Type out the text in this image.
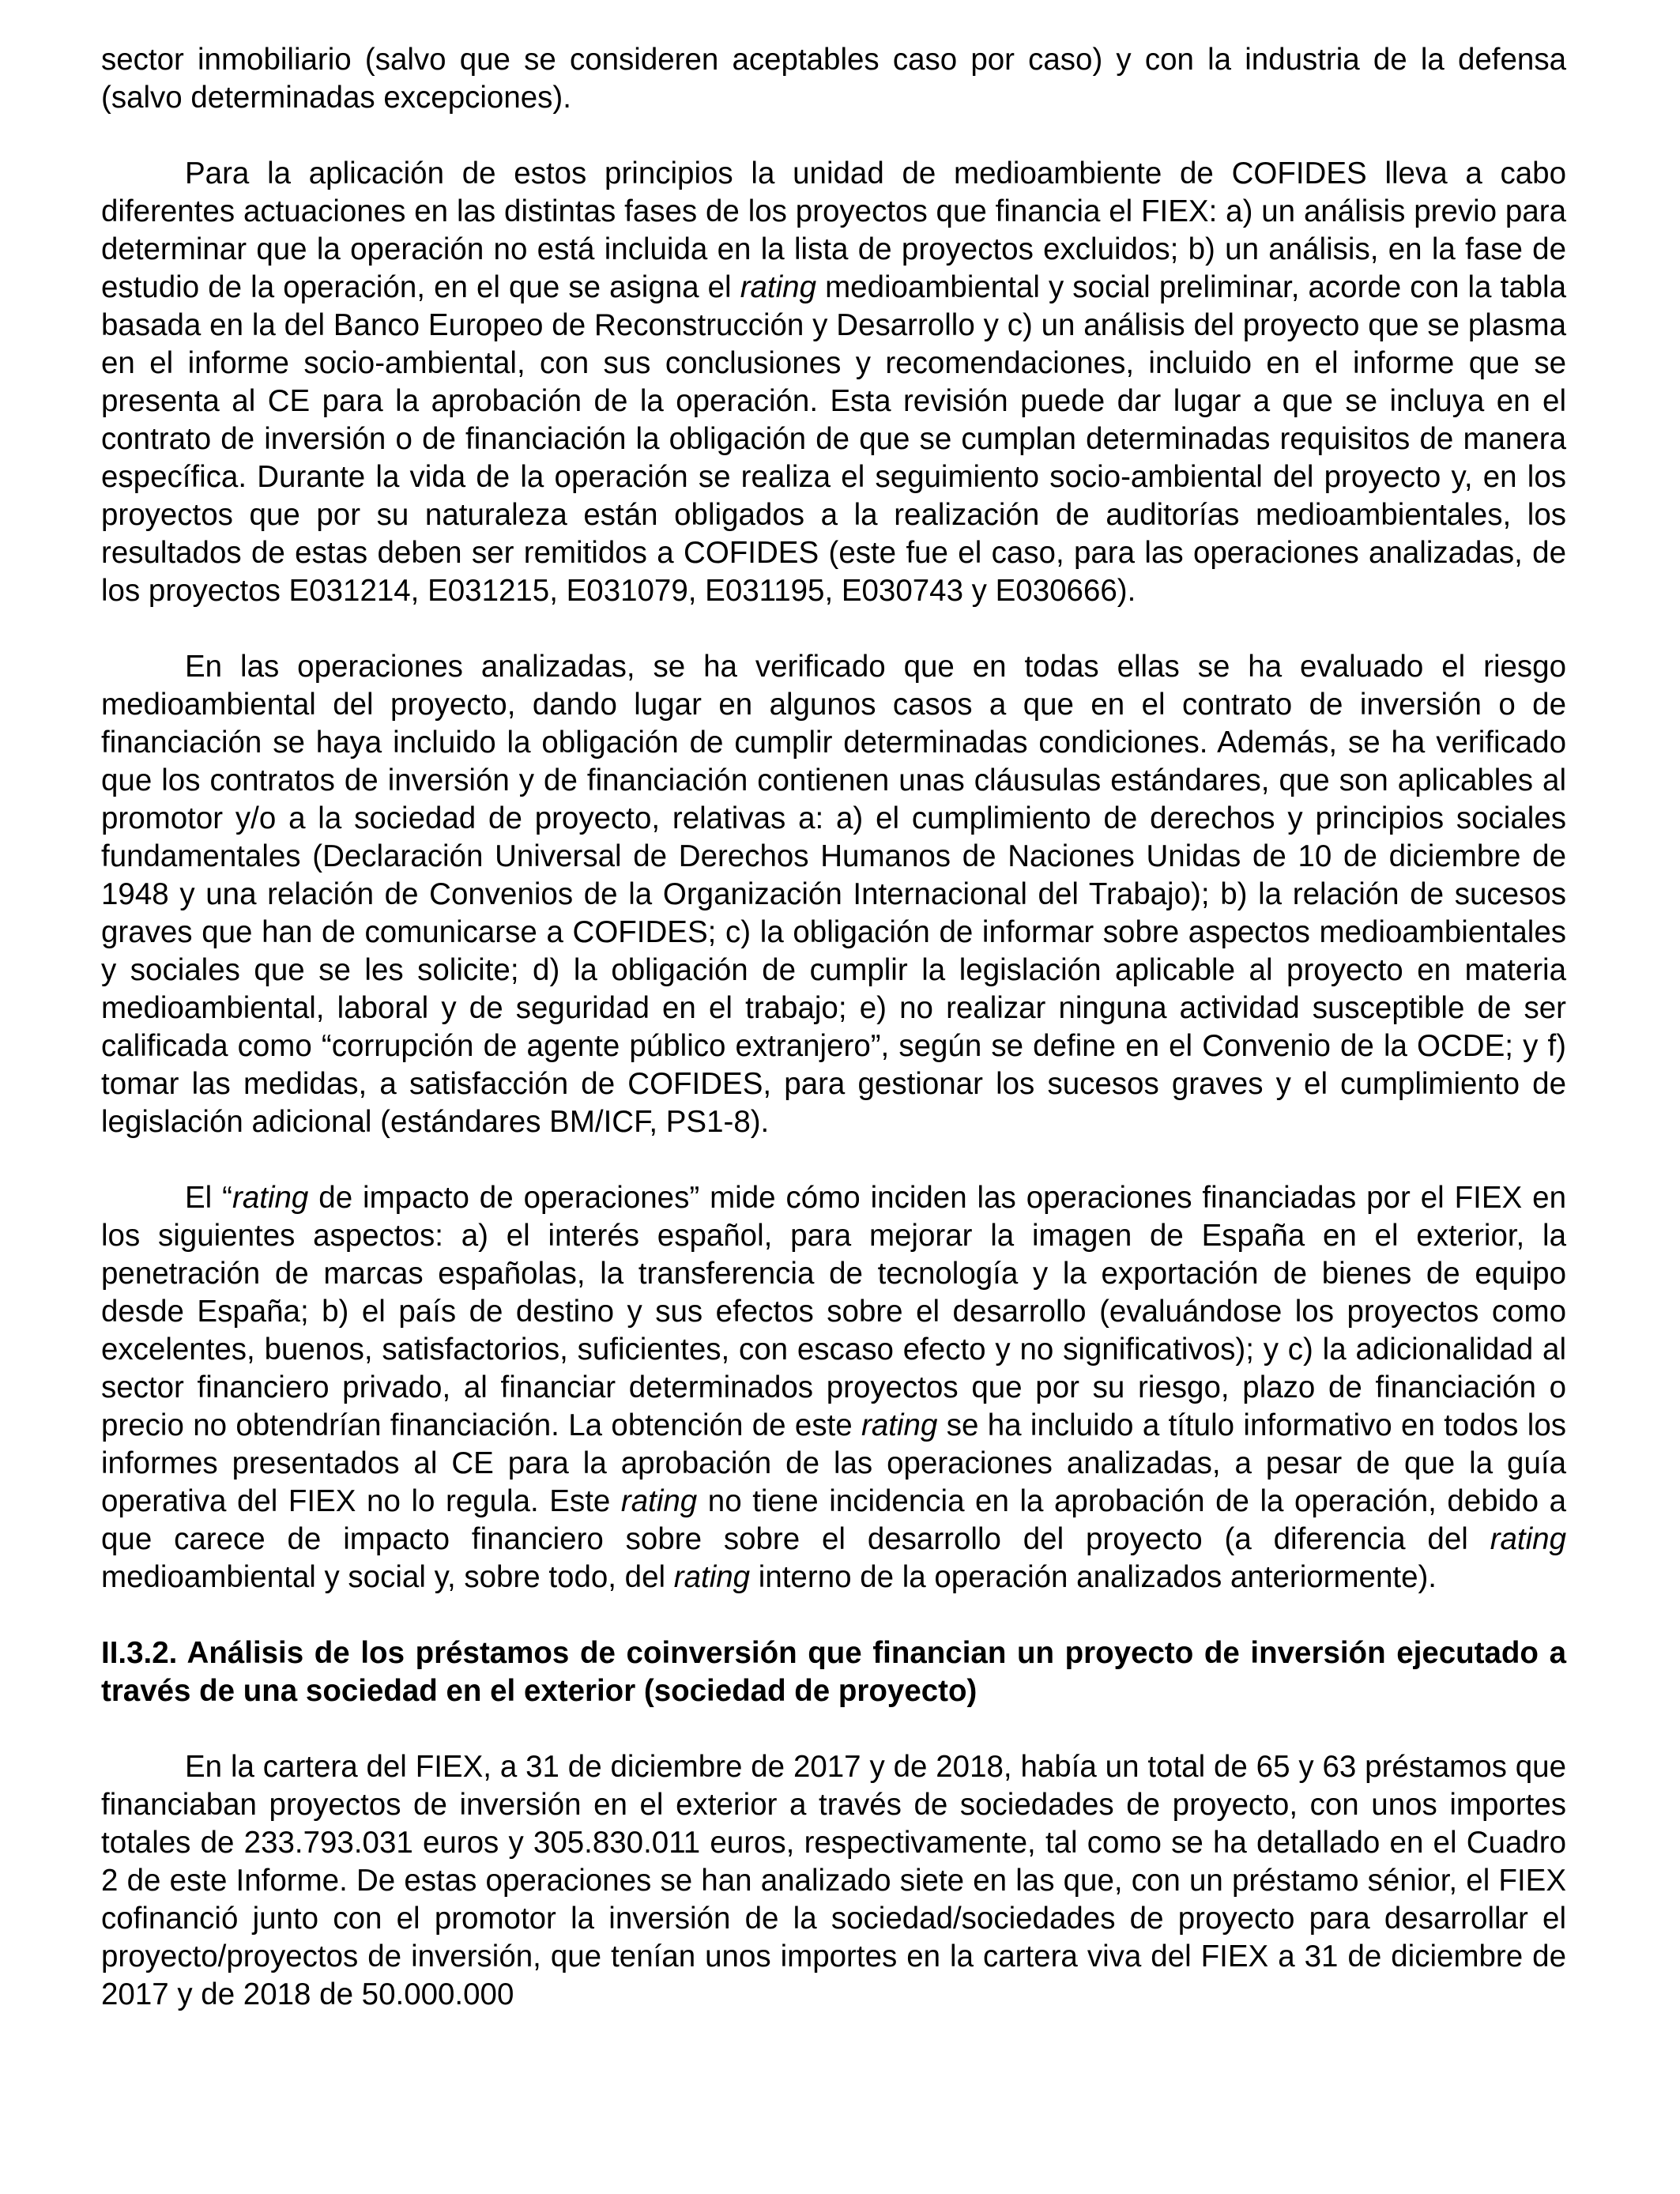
sector inmobiliario (salvo que se consideren aceptables caso por caso) y con la industria de la defensa (salvo determinadas excepciones).

Para la aplicación de estos principios la unidad de medioambiente de COFIDES lleva a cabo diferentes actuaciones en las distintas fases de los proyectos que financia el FIEX: a) un análisis previo para determinar que la operación no está incluida en la lista de proyectos excluidos; b) un análisis, en la fase de estudio de la operación, en el que se asigna el rating medioambiental y social preliminar, acorde con la tabla basada en la del Banco Europeo de Reconstrucción y Desarrollo y c) un análisis del proyecto que se plasma en el informe socio-ambiental, con sus conclusiones y recomendaciones, incluido en el informe que se presenta al CE para la aprobación de la operación. Esta revisión puede dar lugar a que se incluya en el contrato de inversión o de financiación la obligación de que se cumplan determinadas requisitos de manera específica. Durante la vida de la operación se realiza el seguimiento socio-ambiental del proyecto y, en los proyectos que por su naturaleza están obligados a la realización de auditorías medioambientales, los resultados de estas deben ser remitidos a COFIDES (este fue el caso, para las operaciones analizadas, de los proyectos E031214, E031215, E031079, E031195, E030743 y E030666).

En las operaciones analizadas, se ha verificado que en todas ellas se ha evaluado el riesgo medioambiental del proyecto, dando lugar en algunos casos a que en el contrato de inversión o de financiación se haya incluido la obligación de cumplir determinadas condiciones. Además, se ha verificado que los contratos de inversión y de financiación contienen unas cláusulas estándares, que son aplicables al promotor y/o a la sociedad de proyecto, relativas a: a) el cumplimiento de derechos y principios sociales fundamentales (Declaración Universal de Derechos Humanos de Naciones Unidas de 10 de diciembre de 1948 y una relación de Convenios de la Organización Internacional del Trabajo); b) la relación de sucesos graves que han de comunicarse a COFIDES; c) la obligación de informar sobre aspectos medioambientales y sociales que se les solicite; d) la obligación de cumplir la legislación aplicable al proyecto en materia medioambiental, laboral y de seguridad en el trabajo; e) no realizar ninguna actividad susceptible de ser calificada como “corrupción de agente público extranjero”, según se define en el Convenio de la OCDE; y f) tomar las medidas, a satisfacción de COFIDES, para gestionar los sucesos graves y el cumplimiento de legislación adicional (estándares BM/ICF, PS1-8).

El “rating de impacto de operaciones” mide cómo inciden las operaciones financiadas por el FIEX en los siguientes aspectos: a) el interés español, para mejorar la imagen de España en el exterior, la penetración de marcas españolas, la transferencia de tecnología y la exportación de bienes de equipo desde España; b) el país de destino y sus efectos sobre el desarrollo (evaluándose los proyectos como excelentes, buenos, satisfactorios, suficientes, con escaso efecto y no significativos); y c) la adicionalidad al sector financiero privado, al financiar determinados proyectos que por su riesgo, plazo de financiación o precio no obtendrían financiación. La obtención de este rating se ha incluido a título informativo en todos los informes presentados al CE para la aprobación de las operaciones analizadas, a pesar de que la guía operativa del FIEX no lo regula. Este rating no tiene incidencia en la aprobación de la operación, debido a que carece de impacto financiero sobre sobre el desarrollo del proyecto (a diferencia del rating medioambiental y social y, sobre todo, del rating interno de la operación analizados anteriormente).

II.3.2. Análisis de los préstamos de coinversión que financian un proyecto de inversión ejecutado a través de una sociedad en el exterior (sociedad de proyecto)

En la cartera del FIEX, a 31 de diciembre de 2017 y de 2018, había un total de 65 y 63 préstamos que financiaban proyectos de inversión en el exterior a través de sociedades de proyecto, con unos importes totales de 233.793.031 euros y 305.830.011 euros, respectivamente, tal como se ha detallado en el Cuadro 2 de este Informe. De estas operaciones se han analizado siete en las que, con un préstamo sénior, el FIEX cofinanció junto con el promotor la inversión de la sociedad/sociedades de proyecto para desarrollar el proyecto/proyectos de inversión, que tenían unos importes en la cartera viva del FIEX a 31 de diciembre de 2017 y de 2018 de 50.000.000
